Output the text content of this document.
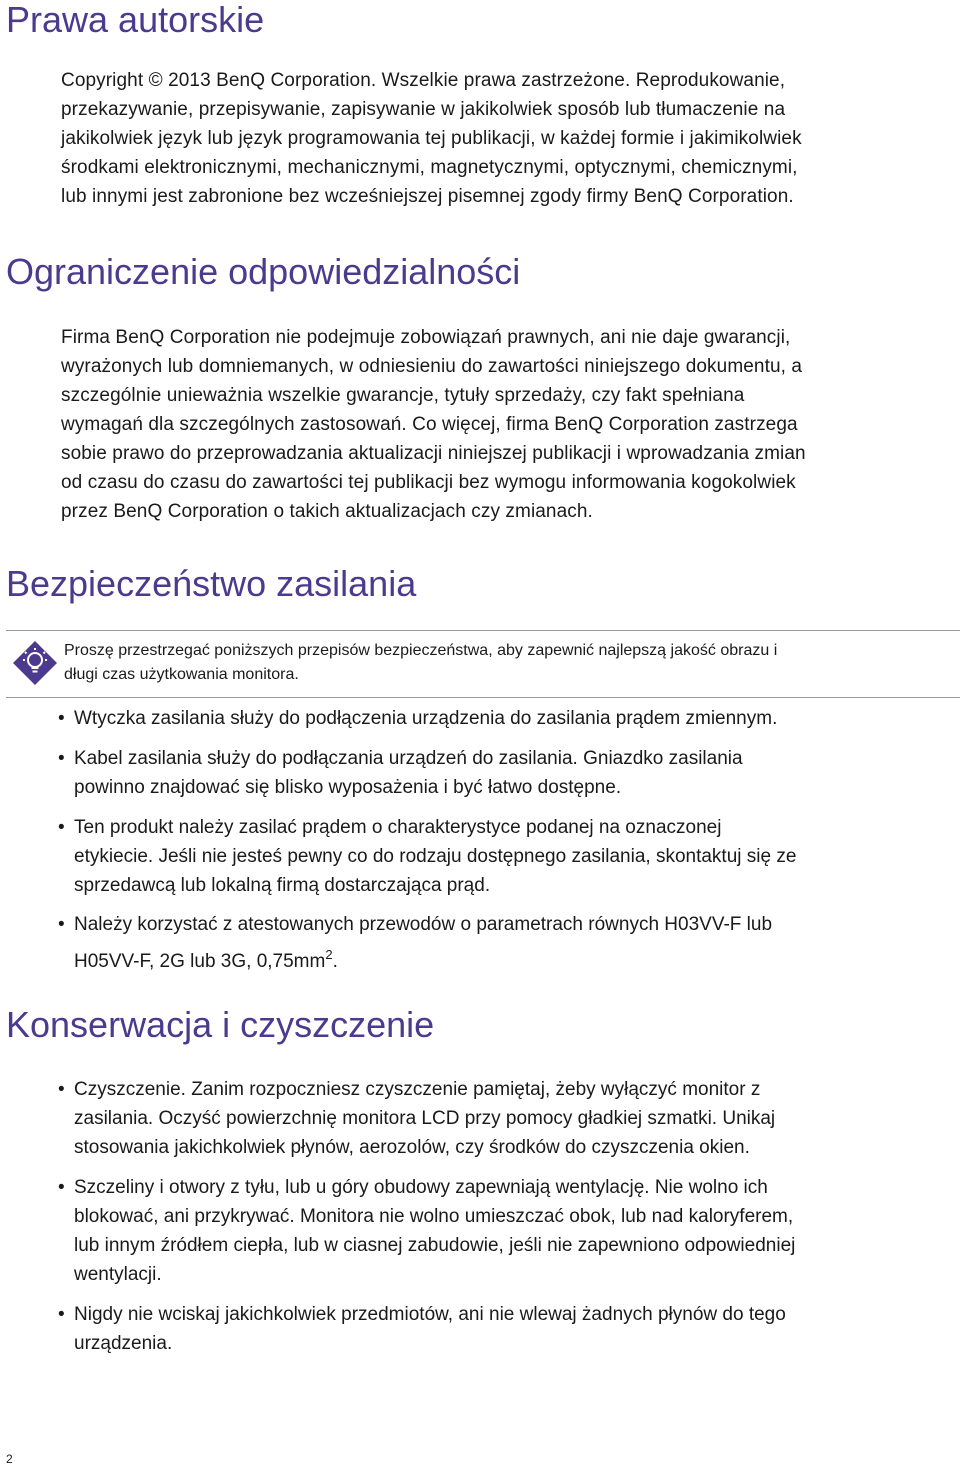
Prawa autorskie
Copyright © 2013 BenQ Corporation. Wszelkie prawa zastrzeżone. Reprodukowanie,
przekazywanie, przepisywanie, zapisywanie w jakikolwiek sposób lub tłumaczenie na
jakikolwiek język lub język programowania tej publikacji, w każdej formie i jakimikolwiek
środkami elektronicznymi, mechanicznymi, magnetycznymi, optycznymi, chemicznymi,
lub innymi jest zabronione bez wcześniejszej pisemnej zgody firmy BenQ Corporation.
Ograniczenie odpowiedzialności
Firma BenQ Corporation nie podejmuje zobowiązań prawnych, ani nie daje gwarancji,
wyrażonych lub domniemanych, w odniesieniu do zawartości niniejszego dokumentu, a
szczególnie unieważnia wszelkie gwarancje, tytuły sprzedaży, czy fakt spełniana
wymagań dla szczególnych zastosowań. Co więcej, firma BenQ Corporation zastrzega
sobie prawo do przeprowadzania aktualizacji niniejszej publikacji i wprowadzania zmian
od czasu do czasu do zawartości tej publikacji bez wymogu informowania kogokolwiek
przez BenQ Corporation o takich aktualizacjach czy zmianach.
Bezpieczeństwo zasilania
Proszę przestrzegać poniższych przepisów bezpieczeństwa, aby zapewnić najlepszą jakość obrazu i
długi czas użytkowania monitora.
• Wtyczka zasilania służy do podłączenia urządzenia do zasilania prądem zmiennym.
• Kabel zasilania służy do podłączania urządzeń do zasilania. Gniazdko zasilania
powinno znajdować się blisko wyposażenia i być łatwo dostępne.
• Ten produkt należy zasilać prądem o charakterystyce podanej na oznaczonej
etykiecie. Jeśli nie jesteś pewny co do rodzaju dostępnego zasilania, skontaktuj się ze
sprzedawcą lub lokalną firmą dostarczająca prąd.
• Należy korzystać z atestowanych przewodów o parametrach równych H03VV-F lub
H05VV-F, 2G lub 3G, $0,75mm^2$.
Konserwacja i czyszczenie
• Czyszczenie. Zanim rozpoczniesz czyszczenie pamiętaj, żeby wyłączyć monitor z
zasilania. Oczyść powierzchnię monitora LCD przy pomocy gładkiej szmatki. Unikaj
stosowania jakichkolwiek płynów, aerozolów, czy środków do czyszczenia okien.
• Szczeliny i otwory z tyłu, lub u góry obudowy zapewniają wentylację. Nie wolno ich
blokować, ani przykrywać. Monitora nie wolno umieszczać obok, lub nad kaloryferem,
lub innym źródłem ciepła, lub w ciasnej zabudowie, jeśli nie zapewniono odpowiedniej
wentylacji.
• Nigdy nie wciskaj jakichkolwiek przedmiotów, ani nie wlewaj żadnych płynów do tego
urządzenia.
2
